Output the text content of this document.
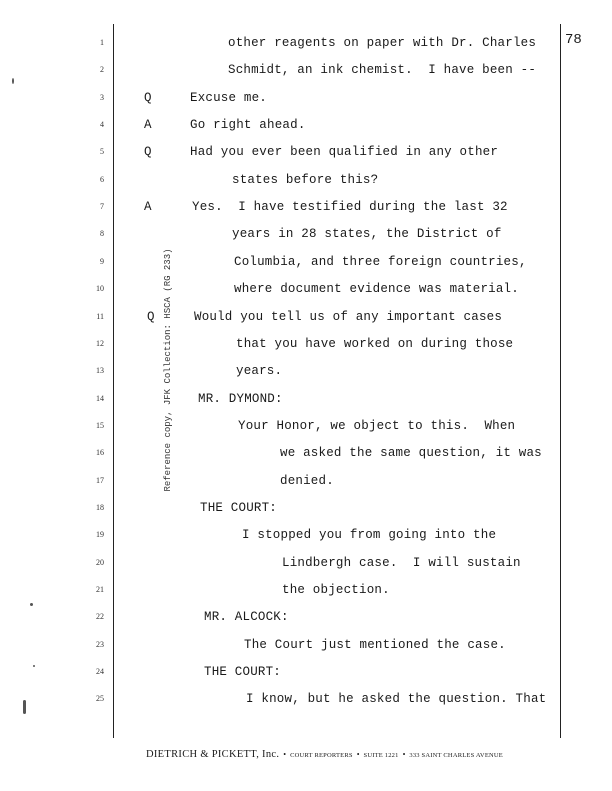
78
Reference copy, JFK Collection: HSCA (RG 233)
1	other reagents on paper with Dr. Charles
2	Schmidt, an ink chemist.  I have been --
3	Q	Excuse me.
4	A	Go right ahead.
5	Q	Had you ever been qualified in any other
6	states before this?
7	A	Yes.  I have testified during the last 32
8	years in 28 states, the District of
9	Columbia, and three foreign countries,
10	where document evidence was material.
11	Q	Would you tell us of any important cases
12	that you have worked on during those
13	years.
14	MR. DYMOND:
15	Your Honor, we object to this.  When
16	we asked the same question, it was
17	denied.
18	THE COURT:
19	I stopped you from going into the
20	Lindbergh case.  I will sustain
21	the objection.
22	MR. ALCOCK:
23	The Court just mentioned the case.
24	THE COURT:
25	I know, but he asked the question. That
DIETRICH & PICKETT, Inc. • COURT REPORTERS • SUITE 1221 • 333 SAINT CHARLES AVENUE
